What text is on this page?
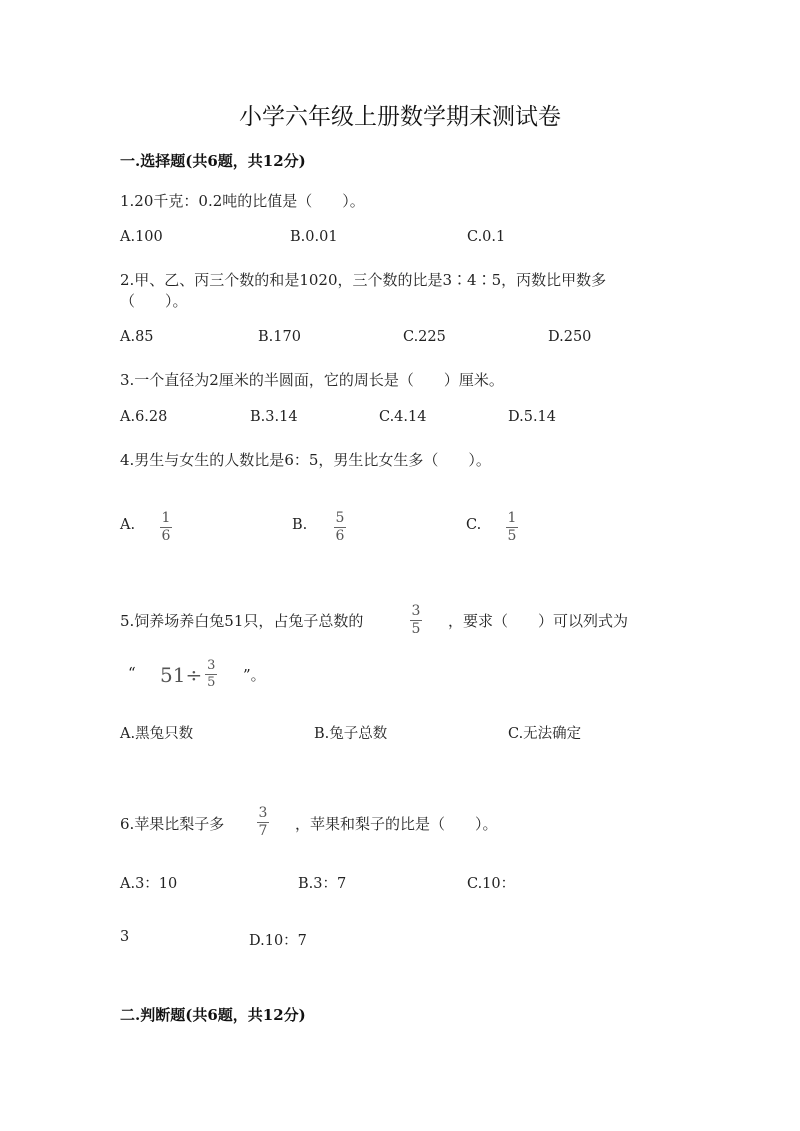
小学六年级上册数学期末测试卷
一.选择题(共6题，共12分)
1.20千克：0.2吨的比值是（　　）。
A.100	B.0.01	C.0.1
2.甲、乙、丙三个数的和是1020，三个数的比是3∶4∶5，丙数比甲数多
（　　）。
A.85	B.170	C.225	D.250
3.一个直径为2厘米的半圆面，它的周长是（　　）厘米。
A.6.28	B.3.14	C.4.14	D.5.14
4.男生与女生的人数比是6：5，男生比女生多（　　）。
A. 1
6
B. 5
6
C. 1
5
5.饲养场养白兔51只，占兔子总数的
3
5 ，要求（　　）可以列式为
“ $51\div \frac{3}{5}$ ”。
A.黑兔只数	B.兔子总数	C.无法确定
6.苹果比梨子多
3
7 ，苹果和梨子的比是（　　）。
A.3：10	B.3：7	C.10：
3	D.10：7
二.判断题(共6题，共12分)
